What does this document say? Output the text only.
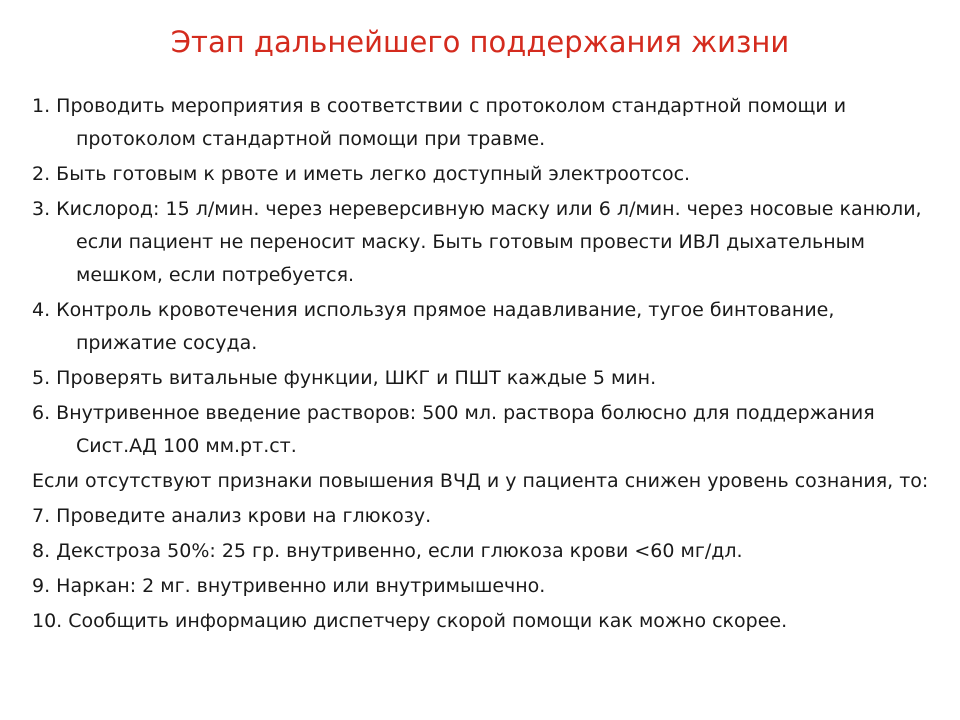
Этап дальнейшего поддержания жизни
1. Проводить мероприятия в соответствии с протоколом стандартной помощи и протоколом стандартной помощи при травме.
2. Быть готовым к рвоте и иметь легко доступный электроотсос.
3. Кислород: 15 л/мин. через нереверсивную маску или 6 л/мин. через носовые канюли, если пациент не переносит маску. Быть готовым провести ИВЛ дыхательным мешком, если потребуется.
4. Контроль кровотечения используя прямое надавливание, тугое бинтование, прижатие сосуда.
5. Проверять витальные функции, ШКГ и ПШТ каждые 5 мин.
6. Внутривенное введение растворов: 500 мл. раствора болюсно для поддержания Сист.АД 100 мм.рт.ст.
Если отсутствуют признаки повышения ВЧД и у пациента снижен уровень сознания, то:
7. Проведите анализ крови на глюкозу.
8. Декстроза 50%: 25 гр. внутривенно, если глюкоза крови <60 мг/дл.
9. Наркан: 2 мг. внутривенно или внутримышечно.
10. Сообщить информацию диспетчеру скорой помощи как можно скорее.
